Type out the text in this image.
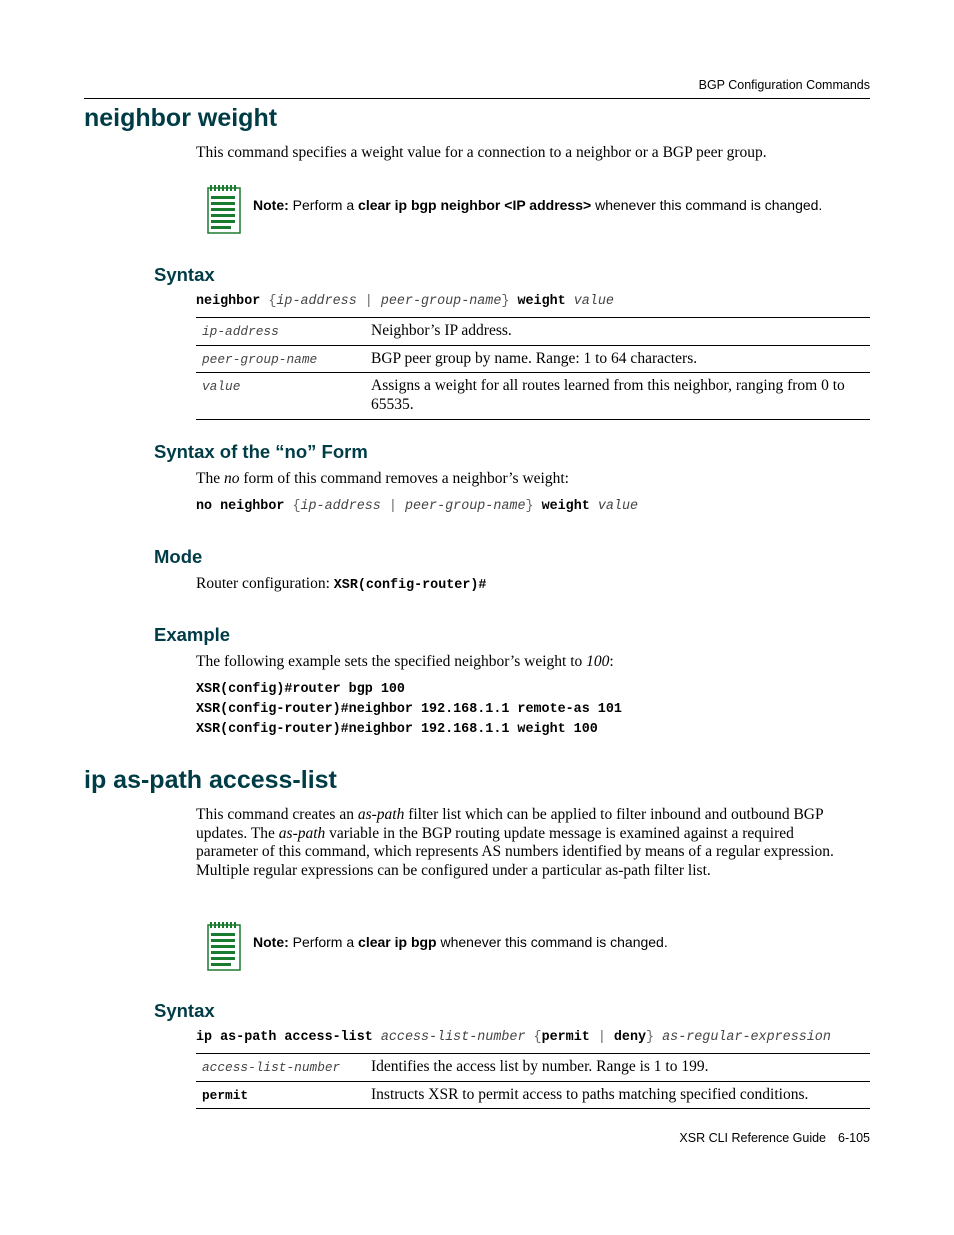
BGP Configuration Commands
neighbor weight
This command specifies a weight value for a connection to a neighbor or a BGP peer group.
Note: Perform a clear ip bgp neighbor <IP address> whenever this command is changed.
Syntax
neighbor {ip-address | peer-group-name} weight value
ip-address	Neighbor’s IP address.
peer-group-name	BGP peer group by name. Range: 1 to 64 characters.
value	Assigns a weight for all routes learned from this neighbor, ranging from 0 to 65535.
Syntax of the “no” Form
The no form of this command removes a neighbor’s weight:
no neighbor {ip-address | peer-group-name} weight value
Mode
Router configuration: XSR(config-router)#
Example
The following example sets the specified neighbor’s weight to 100:
XSR(config)#router bgp 100
XSR(config-router)#neighbor 192.168.1.1 remote-as 101
XSR(config-router)#neighbor 192.168.1.1 weight 100
ip as-path access-list
This command creates an as-path filter list which can be applied to filter inbound and outbound BGP updates. The as-path variable in the BGP routing update message is examined against a required parameter of this command, which represents AS numbers identified by means of a regular expression. Multiple regular expressions can be configured under a particular as-path filter list.
Note: Perform a clear ip bgp whenever this command is changed.
Syntax
ip as-path access-list access-list-number {permit | deny} as-regular-expression
access-list-number	Identifies the access list by number. Range is 1 to 199.
permit	Instructs XSR to permit access to paths matching specified conditions.
XSR CLI Reference Guide 6-105
